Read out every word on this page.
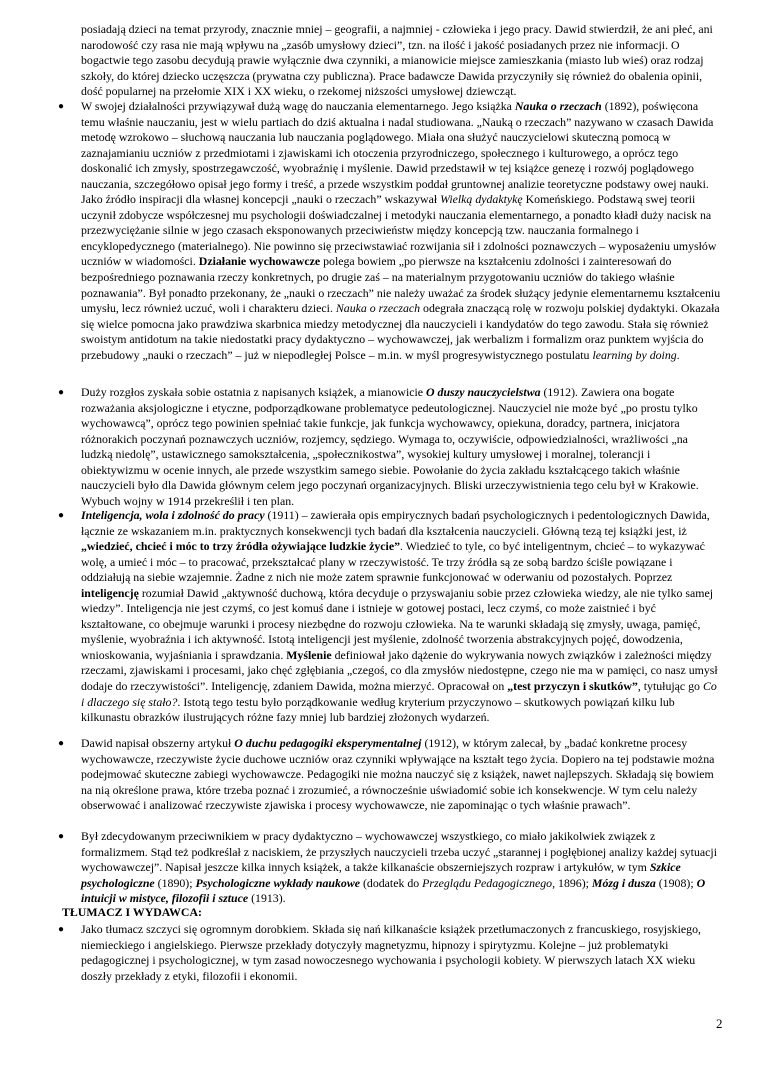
posiadają dzieci na temat przyrody, znacznie mniej – geografii, a najmniej - człowieka i jego pracy. Dawid stwierdził, że ani płeć, ani narodowość czy rasa nie mają wpływu na „zasób umysłowy dzieci”, tzn. na ilość i jakość posiadanych przez nie informacji. O bogactwie tego zasobu decydują prawie wyłącznie dwa czynniki, a mianowicie miejsce zamieszkania (miasto lub wieś) oraz rodzaj szkoły, do której dziecko uczęszcza (prywatna czy publiczna). Prace badawcze Dawida przyczyniły się również do obalenia opinii, dość popularnej na przełomie XIX i XX wieku, o rzekomej niższości umysłowej dziewcząt.

● W swojej działalności przywiązywał dużą wagę do nauczania elementarnego. Jego książka Nauka o rzeczach (1892), poświęcona temu właśnie nauczaniu, jest w wielu partiach do dziś aktualna i nadal studiowana. „Nauką o rzeczach” nazywano w czasach Dawida metodę wzrokowo – słuchową nauczania lub nauczania poglądowego. Miała ona służyć nauczycielowi skuteczną pomocą w zaznajamianiu uczniów z przedmiotami i zjawiskami ich otoczenia przyrodniczego, społecznego i kulturowego, a oprócz tego doskonalić ich zmysły, spostrzegawczość, wyobraźnię i myślenie. Dawid przedstawił w tej książce genezę i rozwój poglądowego nauczania, szczegółowo opisał jego formy i treść, a przede wszystkim poddał gruntownej analizie teoretyczne podstawy owej nauki. Jako źródło inspiracji dla własnej koncepcji „nauki o rzeczach” wskazywał Wielką dydaktykę Komeńskiego. Podstawą swej teorii uczynił zdobycze współczesnej mu psychologii doświadczalnej i metodyki nauczania elementarnego, a ponadto kładł duży nacisk na przezwyciężanie silnie w jego czasach eksponowanych przeciwieństw między koncepcją tzw. nauczania formalnego i encyklopedycznego (materialnego). Nie powinno się przeciwstawiać rozwijania sił i zdolności poznawczych – wyposażeniu umysłów uczniów w wiadomości. Działanie wychowawcze polega bowiem „po pierwsze na kształceniu zdolności i zainteresowań do bezpośredniego poznawania rzeczy konkretnych, po drugie zaś – na materialnym przygotowaniu uczniów do takiego właśnie poznawania”. Był ponadto przekonany, że „nauki o rzeczach” nie należy uważać za środek służący jedynie elementarnemu kształceniu umysłu, lecz również uczuć, woli i charakteru dzieci. Nauka o rzeczach odegrała znaczącą rolę w rozwoju polskiej dydaktyki. Okazała się wielce pomocna jako prawdziwa skarbnica miedzy metodycznej dla nauczycieli i kandydatów do tego zawodu. Stała się również swoistym antidotum na takie niedostatki pracy dydaktyczno – wychowawczej, jak werbalizm i formalizm oraz punktem wyjścia do przebudowy „nauki o rzeczach” – już w niepodległej Polsce – m.in. w myśl progresywistycznego postulatu learning by doing.

● Duży rozgłos zyskała sobie ostatnia z napisanych książek, a mianowicie O duszy nauczycielstwa (1912). Zawiera ona bogate rozważania aksjologiczne i etyczne, podporządkowane problematyce pedeutologicznej. Nauczyciel nie może być „po prostu tylko wychowawcą”, oprócz tego powinien spełniać takie funkcje, jak funkcja wychowawcy, opiekuna, doradcy, partnera, inicjatora różnorakich poczynań poznawczych uczniów, rozjemcy, sędziego. Wymaga to, oczywiście, odpowiedzialności, wrażliwości „na ludzką niedolę”, ustawicznego samokształcenia, „społecznikostwa”, wysokiej kultury umysłowej i moralnej, tolerancji i obiektywizmu w ocenie innych, ale przede wszystkim samego siebie. Powołanie do życia zakładu kształcącego takich właśnie nauczycieli było dla Dawida głównym celem jego poczynań organizacyjnych. Bliski urzeczywistnienia tego celu był w Krakowie. Wybuch wojny w 1914 przekreślił i ten plan.

● Inteligencja, wola i zdolność do pracy (1911) – zawierała opis empirycznych badań psychologicznych i pedentologicznych Dawida, łącznie ze wskazaniem m.in. praktycznych konsekwencji tych badań dla kształcenia nauczycieli. Główną tezą tej książki jest, iż „wiedzieć, chcieć i móc to trzy źródła ożywiające ludzkie życie”. Wiedzieć to tyle, co być inteligentnym, chcieć – to wykazywać wolę, a umieć i móc – to pracować, przekształcać plany w rzeczywistość. Te trzy źródła są ze sobą bardzo ściśle powiązane i oddziałują na siebie wzajemnie. Żadne z nich nie może zatem sprawnie funkcjonować w oderwaniu od pozostałych. Poprzez inteligencję rozumiał Dawid „aktywność duchową, która decyduje o przyswajaniu sobie przez człowieka wiedzy, ale nie tylko samej wiedzy”. Inteligencja nie jest czymś, co jest komuś dane i istnieje w gotowej postaci, lecz czymś, co może zaistnieć i być kształtowane, co obejmuje warunki i procesy niezbędne do rozwoju człowieka. Na te warunki składają się zmysły, uwaga, pamięć, myślenie, wyobraźnia i ich aktywność. Istotą inteligencji jest myślenie, zdolność tworzenia abstrakcyjnych pojęć, dowodzenia, wnioskowania, wyjaśniania i sprawdzania. Myślenie definiował jako dążenie do wykrywania nowych związków i zależności między rzeczami, zjawiskami i procesami, jako chęć zgłębiania „czegoś, co dla zmysłów niedostępne, czego nie ma w pamięci, co nasz umysł dodaje do rzeczywistości”. Inteligencję, zdaniem Dawida, można mierzyć. Opracował on „test przyczyn i skutków”, tytułując go Co i dlaczego się stało?. Istotą tego testu było porządkowanie według kryterium przyczynowo – skutkowych powiązań kilku lub kilkunastu obrazków ilustrujących różne fazy mniej lub bardziej złożonych wydarzeń.

● Dawid napisał obszerny artykuł O duchu pedagogiki eksperymentalnej (1912), w którym zalecał, by „badać konkretne procesy wychowawcze, rzeczywiste życie duchowe uczniów oraz czynniki wpływające na kształt tego życia. Dopiero na tej podstawie można podejmować skuteczne zabiegi wychowawcze. Pedagogiki nie można nauczyć się z książek, nawet najlepszych. Składają się bowiem na nią określone prawa, które trzeba poznać i zrozumieć, a równocześnie uświadomić sobie ich konsekwencje. W tym celu należy obserwować i analizować rzeczywiste zjawiska i procesy wychowawcze, nie zapominając o tych właśnie prawach”.

● Był zdecydowanym przeciwnikiem w pracy dydaktyczno – wychowawczej wszystkiego, co miało jakikolwiek związek z formalizmem. Stąd też podkreślał z naciskiem, że przyszłych nauczycieli trzeba uczyć „starannej i pogłębionej analizy każdej sytuacji wychowawczej”. Napisał jeszcze kilka innych książek, a także kilkanaście obszerniejszych rozpraw i artykułów, w tym Szkice psychologiczne (1890); Psychologiczne wykłady naukowe (dodatek do Przeglądu Pedagogicznego, 1896); Mózg i dusza (1908); O intuicji w mistyce, filozofii i sztuce (1913).

TŁUMACZ I WYDAWCA:

● Jako tłumacz szczyci się ogromnym dorobkiem. Składa się nań kilkanaście książek przetłumaczonych z francuskiego, rosyjskiego, niemieckiego i angielskiego. Pierwsze przekłady dotyczyły magnetyzmu, hipnozy i spirytyzmu. Kolejne – już problematyki pedagogicznej i psychologicznej, w tym zasad nowoczesnego wychowania i psychologii kobiety. W pierwszych latach XX wieku doszły przekłady z etyki, filozofii i ekonomii.

2
